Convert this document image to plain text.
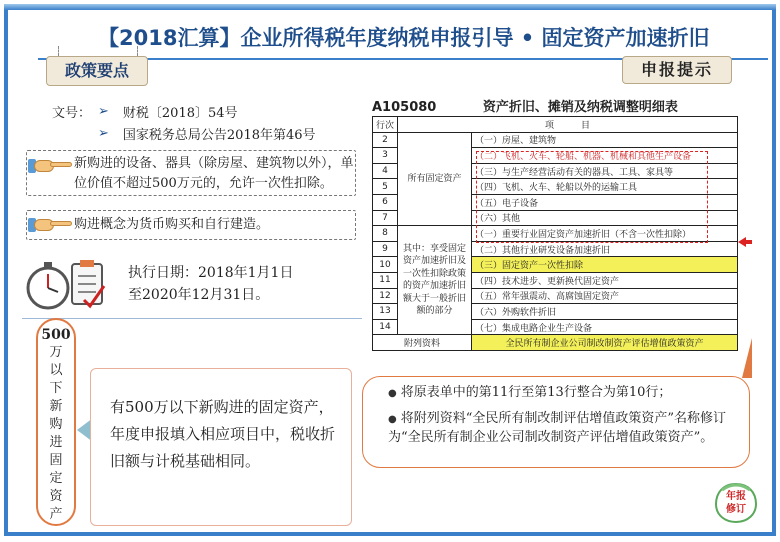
【2018汇算】企业所得税年度纳税申报引导 • 固定资产加速折旧
政策要点	申报提示
文号： ➢ 财税〔2018〕54号
➢ 国家税务总局公告2018年第46号
新购进的设备、器具（除房屋、建筑物以外），单位价值不超过500万元的，允许一次性扣除。
购进概念为货币购买和自行建造。
执行日期：2018年1月1日
至2020年12月31日。
500
万
以
下
新
购
进
固
定
资
产
有500万以下新购进的固定资产，年度申报填入相应项目中，税收折旧额与计税基础相同。
A105080	资产折旧、摊销及纳税调整明细表
行次	项　　　目	
2	所有固定资产	（一）房屋、建筑物
3		（二）飞机、火车、轮船、机器、机械和其他生产设备
4		（三）与生产经营活动有关的器具、工具、家具等
5		（四）飞机、火车、轮船以外的运输工具
6		（五）电子设备
7		（六）其他
8	其中：享受固定资产加速折旧及一次性扣除政策的资产加速折旧额大于一般折旧额的部分	（一）重要行业固定资产加速折旧（不含一次性扣除）
9		（二）其他行业研发设备加速折旧
10		（三）固定资产一次性扣除
11		（四）技术进步、更新换代固定资产
12		（五）常年强震动、高腐蚀固定资产
13		（六）外购软件折旧
14		（七）集成电路企业生产设备
附列资料		全民所有制企业公司制改制资产评估增值政策资产
● 将原表单中的第11行至第13行整合为第10行；
● 将附列资料“全民所有制改制评估增值政策资产”名称修订为“全民所有制企业公司制改制资产评估增值政策资产”。
年报
修订
